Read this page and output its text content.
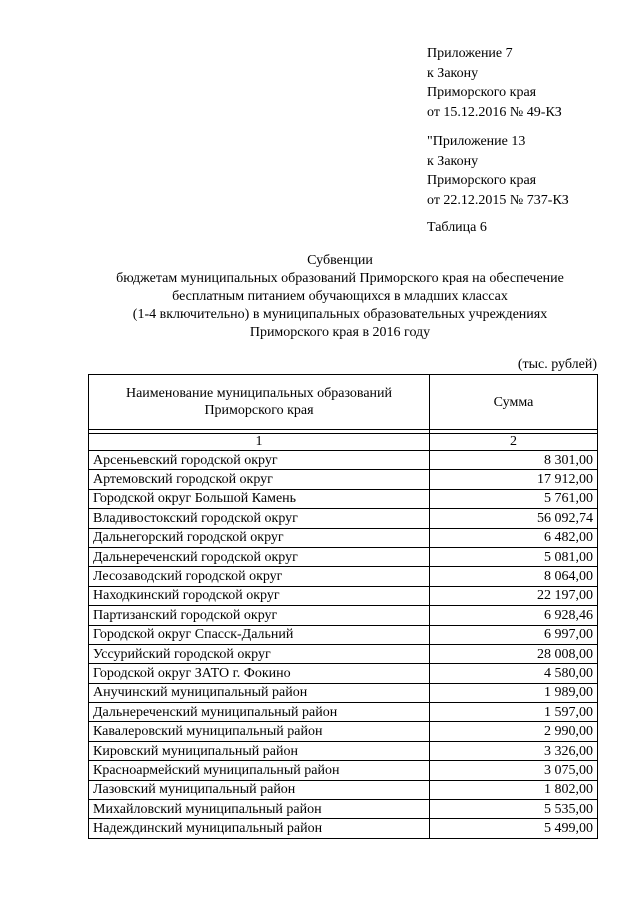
Приложение 7
к Закону
Приморского края
от 15.12.2016 № 49-КЗ
"Приложение 13
к Закону
Приморского края
от 22.12.2015 № 737-КЗ
Таблица 6
Субвенции
бюджетам муниципальных образований Приморского края на обеспечение
бесплатным питанием обучающихся в младших классах
(1-4 включительно) в муниципальных образовательных учреждениях
Приморского края в 2016 году
(тыс. рублей)
Наименование муниципальных образований Приморского края	Сумма

1	2
Арсеньевский городской округ	8 301,00
Артемовский городской округ	17 912,00
Городской округ Большой Камень	5 761,00
Владивостокский городской округ	56 092,74
Дальнегорский городской округ	6 482,00
Дальнереченский городской округ	5 081,00
Лесозаводский городской округ	8 064,00
Находкинский городской округ	22 197,00
Партизанский городской округ	6 928,46
Городской округ Спасск-Дальний	6 997,00
Уссурийский городской округ	28 008,00
Городской округ ЗАТО г. Фокино	4 580,00
Анучинский муниципальный район	1 989,00
Дальнереченский муниципальный район	1 597,00
Кавалеровский муниципальный район	2 990,00
Кировский муниципальный район	3 326,00
Красноармейский муниципальный район	3 075,00
Лазовский муниципальный район	1 802,00
Михайловский муниципальный район	5 535,00
Надеждинский муниципальный район	5 499,00
